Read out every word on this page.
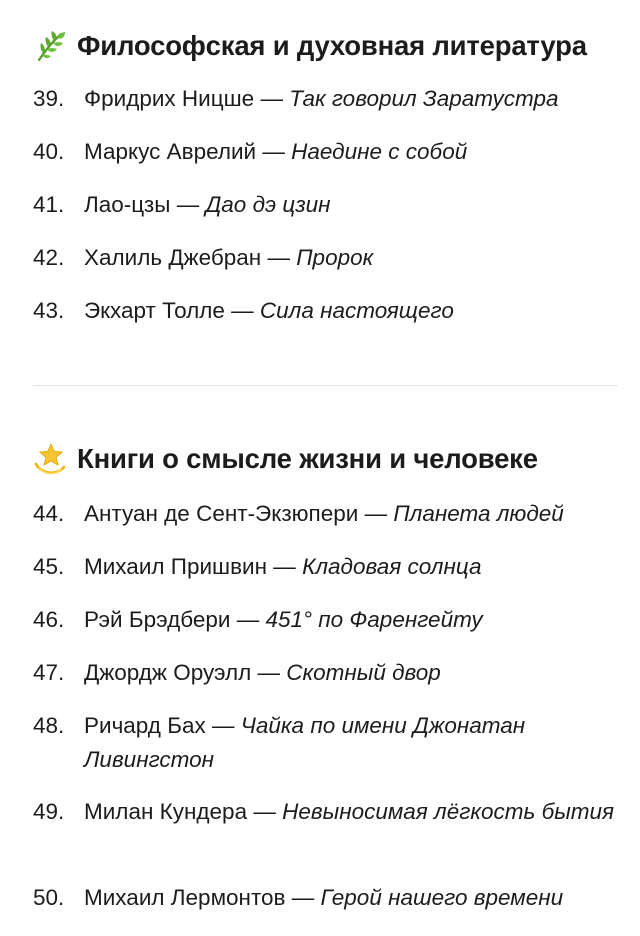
Философская и духовная литература
39. Фридрих Ницше — Так говорил Заратустра
40. Маркус Аврелий — Наедине с собой
41. Лао-цзы — Дао дэ цзин
42. Халиль Джебран — Пророк
43. Экхарт Толле — Сила настоящего
Книги о смысле жизни и человеке
44. Антуан де Сент-Экзюпери — Планета людей
45. Михаил Пришвин — Кладовая солнца
46. Рэй Брэдбери — 451° по Фаренгейту
47. Джордж Оруэлл — Скотный двор
48. Ричард Бах — Чайка по имени Джонатан Ливингстон
49. Милан Кундера — Невыносимая лёгкость бытия
50. Михаил Лермонтов — Герой нашего времени
